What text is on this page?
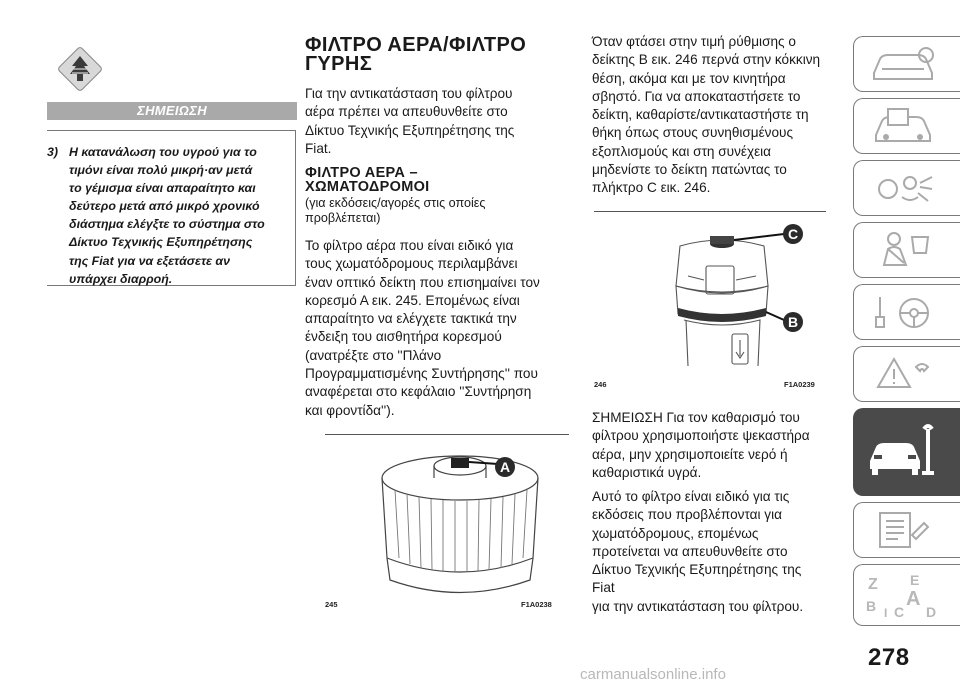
ΣΗΜΕΙΩΣΗ
3) Η κατανάλωση του υγρού για το
τιμόνι είναι πολύ μικρή·αν μετά
το γέμισμα είναι απαραίτητο και
δεύτερο μετά από μικρό χρονικό
διάστημα ελέγξτε το σύστημα στο
Δίκτυο Τεχνικής Εξυπηρέτησης
της Fiat για να εξετάσετε αν
υπάρχει διαρροή.
ΦΙΛΤΡΟ ΑΕΡΑ/ΦΙΛΤΡΟ
ΓΥΡΗΣ
Για την αντικατάσταση του φίλτρου
αέρα πρέπει να απευθυνθείτε στο
Δίκτυο Τεχνικής Εξυπηρέτησης της
Fiat.
ΦΙΛΤΡΟ ΑΕΡΑ –
ΧΩΜΑΤΟΔΡΟΜΟΙ
(για εκδόσεις/αγορές στις οποίες
προβλέπεται)
Το φίλτρο αέρα που είναι ειδικό για
τους χωματόδρομους περιλαμβάνει
έναν οπτικό δείκτη που επισημαίνει τον
κορεσμό Α εικ. 245. Επομένως είναι
απαραίτητο να ελέγχετε τακτικά την
ένδειξη του αισθητήρα κορεσμού
(ανατρέξτε στο ''Πλάνο
Προγραμματισμένης Συντήρησης'' που
αναφέρεται στο κεφάλαιο ''Συντήρηση
και φροντίδα'').
A
245	F1A0238
Όταν φτάσει στην τιμή ρύθμισης ο
δείκτης Β εικ. 246 περνά στην κόκκινη
θέση, ακόμα και με τον κινητήρα
σβηστό. Για να αποκαταστήσετε το
δείκτη, καθαρίστε/αντικαταστήστε τη
θήκη όπως στους συνηθισμένους
εξοπλισμούς και στη συνέχεια
μηδενίστε το δείκτη πατώντας το
πλήκτρο C εικ. 246.
C
B
246	F1A0239
ΣΗΜΕΙΩΣΗ Για τον καθαρισμό του
φίλτρου χρησιμοποιήστε ψεκαστήρα
αέρα, μην χρησιμοποιείτε νερό ή
καθαριστικά υγρά.
Αυτό το φίλτρο είναι ειδικό για τις
εκδόσεις που προβλέπονται για
χωματόδρομους, επομένως
προτείνεται να απευθυνθείτε στο
Δίκτυο Τεχνικής Εξυπηρέτησης της Fiat
για την αντικατάσταση του φίλτρου.
Z E
B A
I C D
278
carmanualsonline.info
